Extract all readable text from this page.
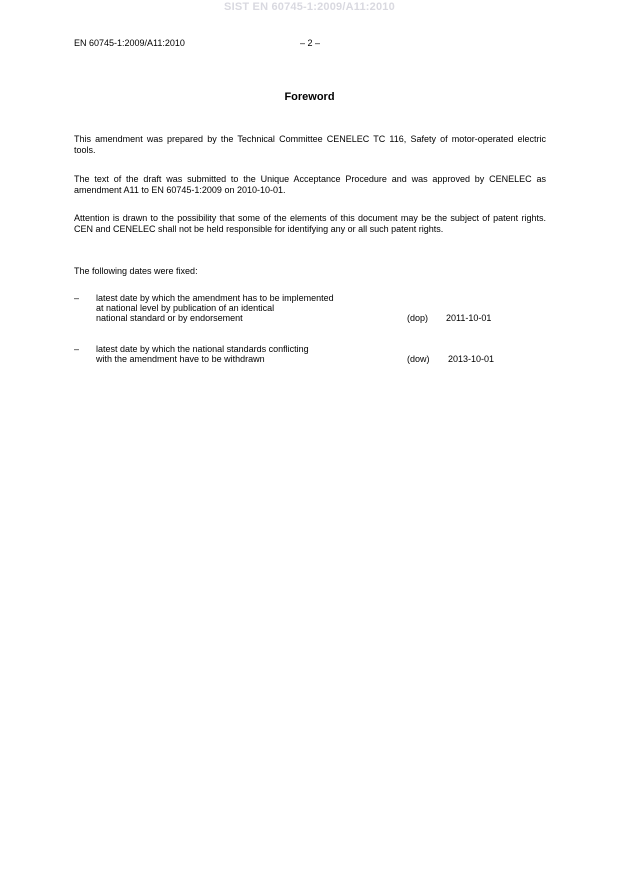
SIST EN 60745-1:2009/A11:2010
EN 60745-1:2009/A11:2010	– 2 –
Foreword

This amendment was prepared by the Technical Committee CENELEC TC 116, Safety of motor-operated electric tools.

The text of the draft was submitted to the Unique Acceptance Procedure and was approved by CENELEC as amendment A11 to EN 60745-1:2009 on 2010-10-01.

Attention is drawn to the possibility that some of the elements of this document may be the subject of patent rights. CEN and CENELEC shall not be held responsible for identifying any or all such patent rights.

The following dates were fixed:

– latest date by which the amendment has to be implemented
at national level by publication of an identical
national standard or by endorsement	(dop)	2011-10-01
– latest date by which the national standards conflicting
with the amendment have to be withdrawn	(dow)	2013-10-01
